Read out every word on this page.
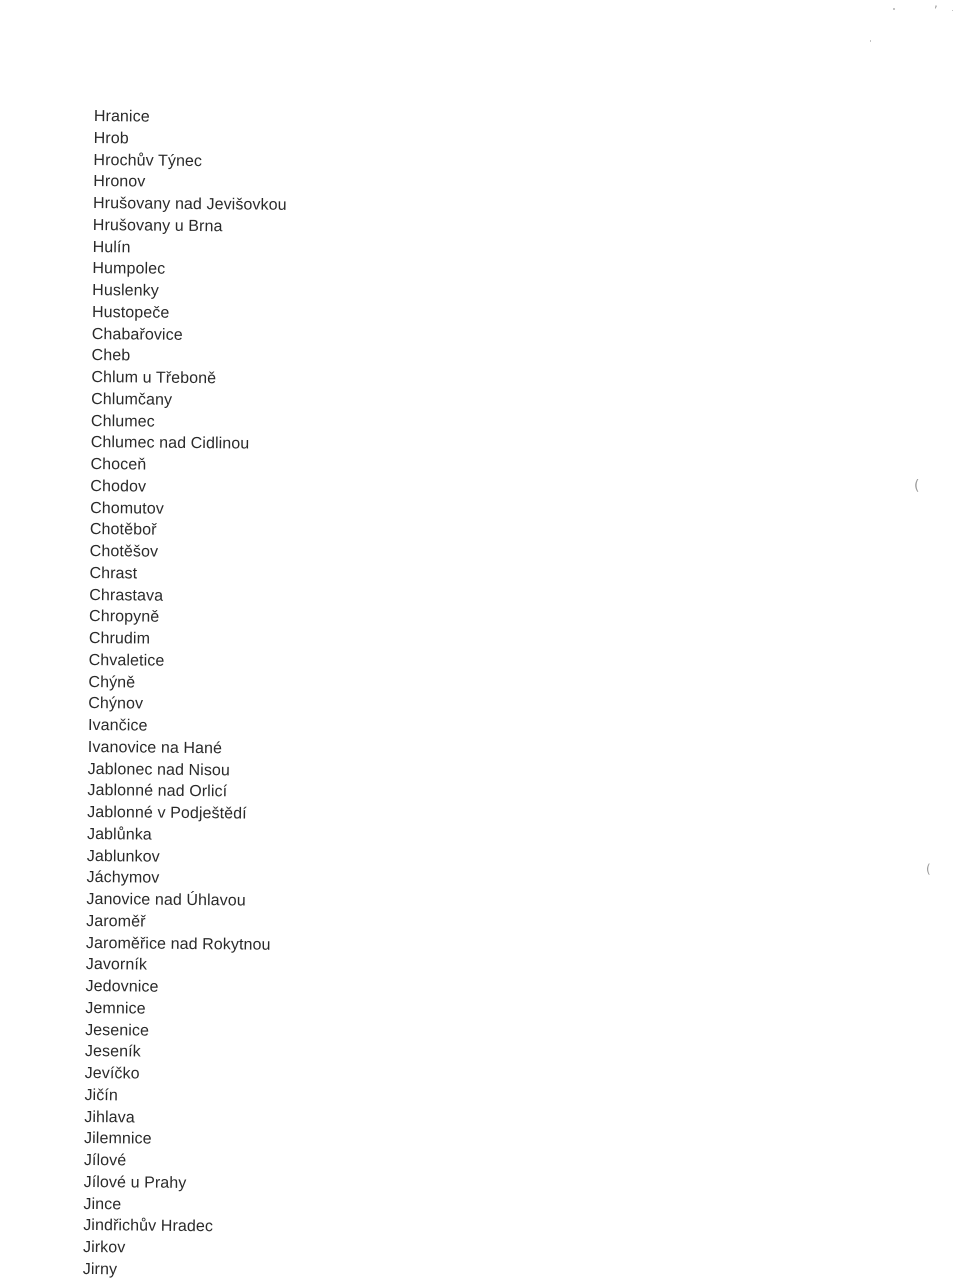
Hranice
Hrob
Hrochův Týnec
Hronov
Hrušovany nad Jevišovkou
Hrušovany u Brna
Hulín
Humpolec
Huslenky
Hustopeče
Chabařovice
Cheb
Chlum u Třeboně
Chlumčany
Chlumec
Chlumec nad Cidlinou
Choceň
Chodov
Chomutov
Chotěboř
Chotěšov
Chrast
Chrastava
Chropyně
Chrudim
Chvaletice
Chýně
Chýnov
Ivančice
Ivanovice na Hané
Jablonec nad Nisou
Jablonné nad Orlicí
Jablonné v Podještědí
Jablůnka
Jablunkov
Jáchymov
Janovice nad Úhlavou
Jaroměř
Jaroměřice nad Rokytnou
Javorník
Jedovnice
Jemnice
Jesenice
Jeseník
Jevíčko
Jičín
Jihlava
Jilemnice
Jílové
Jílové u Prahy
Jince
Jindřichův Hradec
Jirkov
Jirny
(
(
,
